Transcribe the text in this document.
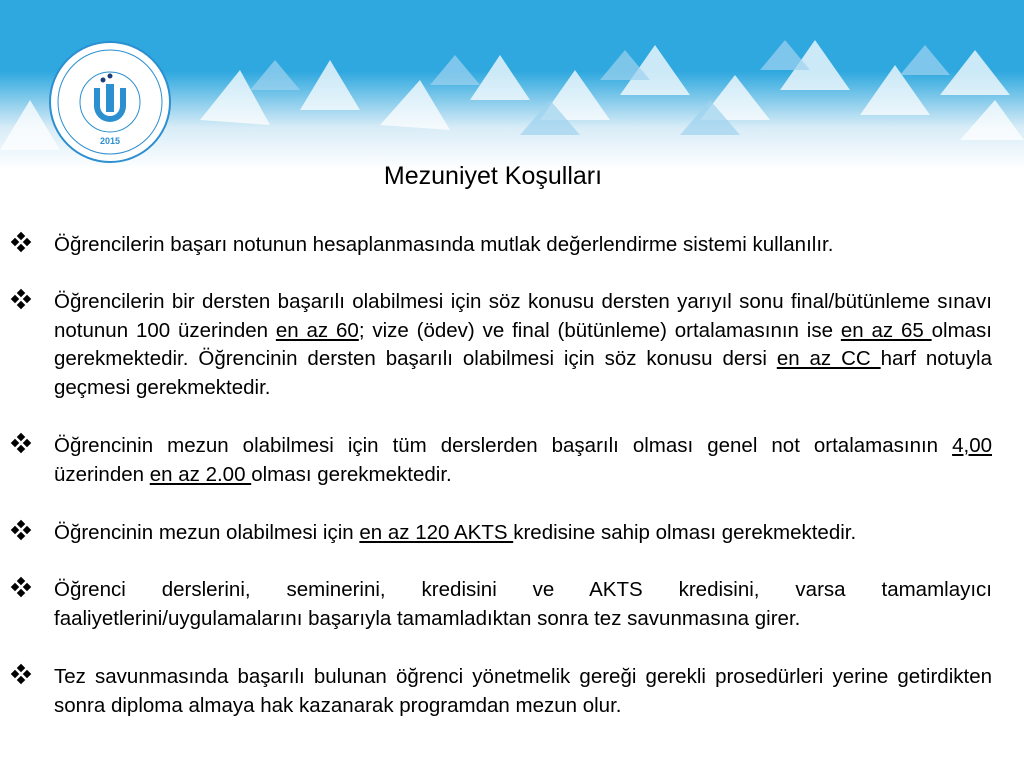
2015
Mezuniyet Koşulları
Öğrencilerin başarı notunun hesaplanmasında mutlak değerlendirme sistemi kullanılır.
Öğrencilerin bir dersten başarılı olabilmesi için söz konusu dersten yarıyıl sonu final/bütünleme sınavı notunun 100 üzerinden en az 60; vize (ödev) ve final (bütünleme) ortalamasının ise en az 65 olması gerekmektedir. Öğrencinin dersten başarılı olabilmesi için söz konusu dersi en az CC harf notuyla geçmesi gerekmektedir.
Öğrencinin mezun olabilmesi için tüm derslerden başarılı olması genel not ortalamasının 4,00 üzerinden en az 2.00 olması gerekmektedir.
Öğrencinin mezun olabilmesi için en az 120 AKTS kredisine sahip olması gerekmektedir.
Öğrenci derslerini, seminerini, kredisini ve AKTS kredisini, varsa tamamlayıcı faaliyetlerini/uygulamalarını başarıyla tamamladıktan sonra tez savunmasına girer.
Tez savunmasında başarılı bulunan öğrenci yönetmelik gereği gerekli prosedürleri yerine getirdikten sonra diploma almaya hak kazanarak programdan mezun olur.
